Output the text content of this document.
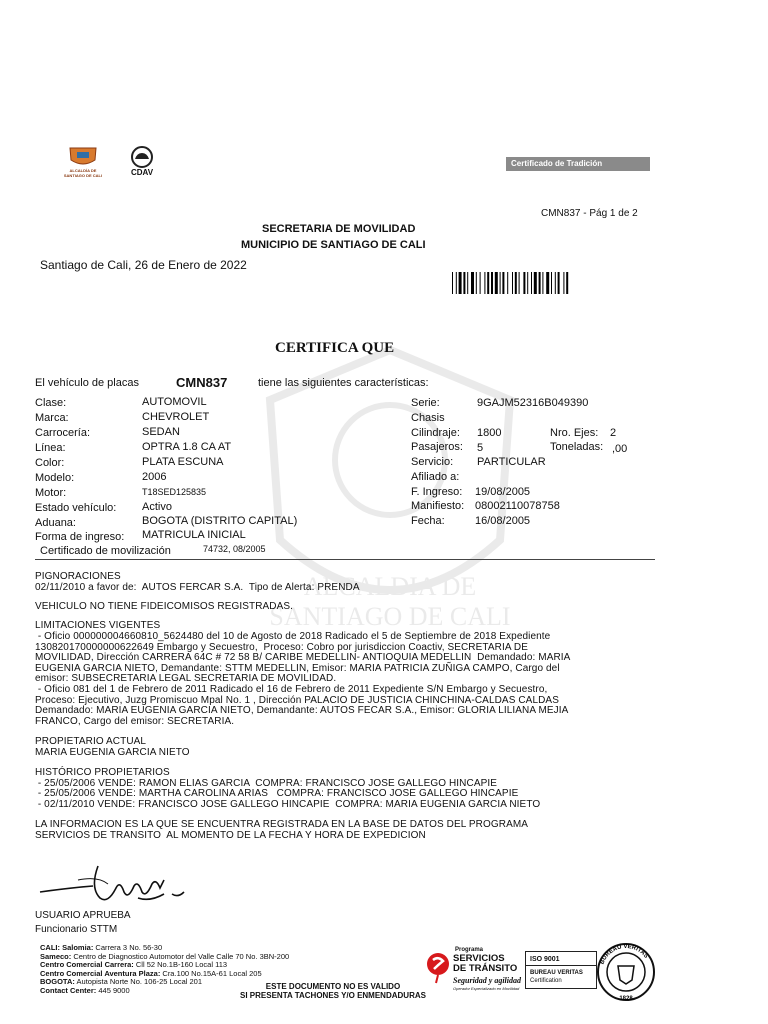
ALCALDIA DE
SANTIAGO DE CALI
ALCALDÍA DE
SANTIAGO DE CALI	CDAV
Certificado de Tradición
CMN837 - Pág 1 de 2
SECRETARIA DE MOVILIDAD
MUNICIPIO DE SANTIAGO DE CALI
Santiago de Cali, 26 de Enero de 2022
CERTIFICA QUE
El vehículo de placas	CMN837	tiene las siguientes características:
Clase:	AUTOMOVIL
Marca:	CHEVROLET
Carrocería:	SEDAN
Línea:	OPTRA 1.8 CA AT
Color:	PLATA ESCUNA
Modelo:	2006
Motor:	T18SED125835
Estado vehículo: Activo
Aduana:	BOGOTA (DISTRITO CAPITAL)
Forma de ingreso: MATRICULA INICIAL
Certificado de movilización	74732, 08/2005
Serie:	9GAJM52316B049390
Chasis
Cilindraje: 1800	Nro. Ejes: 2
Pasajeros: 5	Toneladas: ,00
Servicio: PARTICULAR
Afiliado a:
F. Ingreso: 19/08/2005
Manifiesto: 08002110078758
Fecha:	16/08/2005
PIGNORACIONES
02/11/2010 a favor de:  AUTOS FERCAR S.A.  Tipo de Alerta: PRENDA
VEHICULO NO TIENE FIDEICOMISOS REGISTRADAS.
LIMITACIONES VIGENTES
- Oficio 000000004660810_5624480 del 10 de Agosto de 2018 Radicado el 5 de Septiembre de 2018 Expediente
130820170000000622649 Embargo y Secuestro,  Proceso: Cobro por jurisdiccion Coactiv, SECRETARIA DE
MOVILIDAD, Dirección CARRERA 64C # 72 58 B/ CARIBE MEDELLIN- ANTIOQUIA MEDELLIN  Demandado: MARIA
EUGENIA GARCIA NIETO, Demandante: STTM MEDELLIN, Emisor: MARIA PATRICIA ZUÑIGA CAMPO, Cargo del
emisor: SUBSECRETARIA LEGAL SECRETARIA DE MOVILIDAD.
- Oficio 081 del 1 de Febrero de 2011 Radicado el 16 de Febrero de 2011 Expediente S/N Embargo y Secuestro,
Proceso: Ejecutivo, Juzg Promiscuo Mpal No. 1 , Dirección PALACIO DE JUSTICIA CHINCHINA-CALDAS CALDAS
Demandado: MARIA EUGENIA GARCIA NIETO, Demandante: AUTOS FECAR S.A., Emisor: GLORIA LILIANA MEJIA
FRANCO, Cargo del emisor: SECRETARIA.
PROPIETARIO ACTUAL
MARIA EUGENIA GARCIA NIETO
HISTÓRICO PROPIETARIOS
- 25/05/2006 VENDE: RAMON ELIAS GARCIA  COMPRA: FRANCISCO JOSE GALLEGO HINCAPIE
- 25/05/2006 VENDE: MARTHA CAROLINA ARIAS   COMPRA: FRANCISCO JOSE GALLEGO HINCAPIE
- 02/11/2010 VENDE: FRANCISCO JOSE GALLEGO HINCAPIE  COMPRA: MARIA EUGENIA GARCIA NIETO
LA INFORMACION ES LA QUE SE ENCUENTRA REGISTRADA EN LA BASE DE DATOS DEL PROGRAMA
SERVICIOS DE TRANSITO  AL MOMENTO DE LA FECHA Y HORA DE EXPEDICION
USUARIO APRUEBA
Funcionario STTM
CALI: Salomia: Carrera 3 No. 56-30
Sameco: Centro de Diagnostico Automotor del Valle Calle 70 No. 3BN-200
Centro Comercial Carrera: Cll 52 No.1B-160 Local 113
Centro Comercial Aventura Plaza: Cra.100 No.15A-61 Local 205
BOGOTA: Autopista Norte No. 106-25 Local 201
Contact Center: 445 9000	ESTE DOCUMENTO NO ES VALIDO
SI PRESENTA TACHONES Y/O ENMENDADURAS
Programa
SERVICIOS
DE TRÁNSITO
Seguridad y agilidad
Operador Especializado en Movilidad
ISO 9001
BUREAU VERITAS
Certification
BUREAU VERITAS
1828
